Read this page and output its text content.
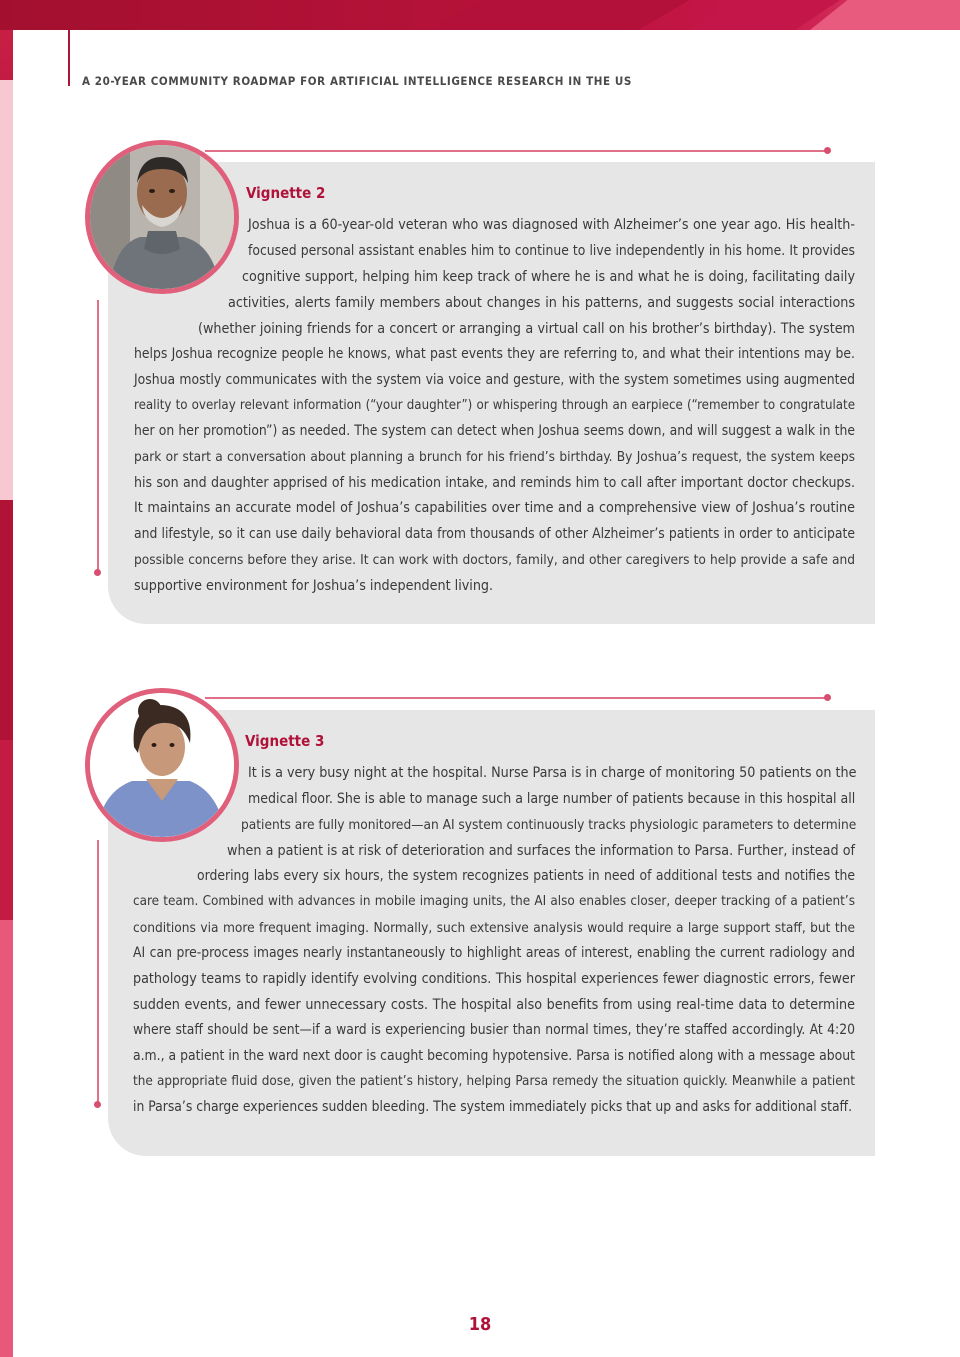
A 20-YEAR COMMUNITY ROADMAP FOR ARTIFICIAL INTELLIGENCE RESEARCH IN THE US
Vignette 2
Vignette 3
Joshua is a 60-year-old veteran who was diagnosed with Alzheimer’s one year ago. His health-
focused personal assistant enables him to continue to live independently in his home. It provides
cognitive support, helping him keep track of where he is and what he is doing, facilitating daily
activities, alerts family members about changes in his patterns, and suggests social interactions
(whether joining friends for a concert or arranging a virtual call on his brother’s birthday). The system
helps Joshua recognize people he knows, what past events they are referring to, and what their intentions may be.
Joshua mostly communicates with the system via voice and gesture, with the system sometimes using augmented
reality to overlay relevant information (“your daughter”) or whispering through an earpiece (“remember to congratulate
her on her promotion”) as needed. The system can detect when Joshua seems down, and will suggest a walk in the
park or start a conversation about planning a brunch for his friend’s birthday. By Joshua’s request, the system keeps
his son and daughter apprised of his medication intake, and reminds him to call after important doctor checkups.
It maintains an accurate model of Joshua’s capabilities over time and a comprehensive view of Joshua’s routine
and lifestyle, so it can use daily behavioral data from thousands of other Alzheimer’s patients in order to anticipate
possible concerns before they arise. It can work with doctors, family, and other caregivers to help provide a safe and
supportive environment for Joshua’s independent living.
It is a very busy night at the hospital. Nurse Parsa is in charge of monitoring 50 patients on the
medical floor. She is able to manage such a large number of patients because in this hospital all
patients are fully monitored—an AI system continuously tracks physiologic parameters to determine
when a patient is at risk of deterioration and surfaces the information to Parsa. Further, instead of
ordering labs every six hours, the system recognizes patients in need of additional tests and notifies the
care team. Combined with advances in mobile imaging units, the AI also enables closer, deeper tracking of a patient’s
conditions via more frequent imaging. Normally, such extensive analysis would require a large support staff, but the
AI can pre-process images nearly instantaneously to highlight areas of interest, enabling the current radiology and
pathology teams to rapidly identify evolving conditions. This hospital experiences fewer diagnostic errors, fewer
sudden events, and fewer unnecessary costs. The hospital also benefits from using real-time data to determine
where staff should be sent—if a ward is experiencing busier than normal times, they’re staffed accordingly. At 4:20
a.m., a patient in the ward next door is caught becoming hypotensive. Parsa is notified along with a message about
the appropriate fluid dose, given the patient’s history, helping Parsa remedy the situation quickly. Meanwhile a patient
in Parsa’s charge experiences sudden bleeding. The system immediately picks that up and asks for additional staff.
18
